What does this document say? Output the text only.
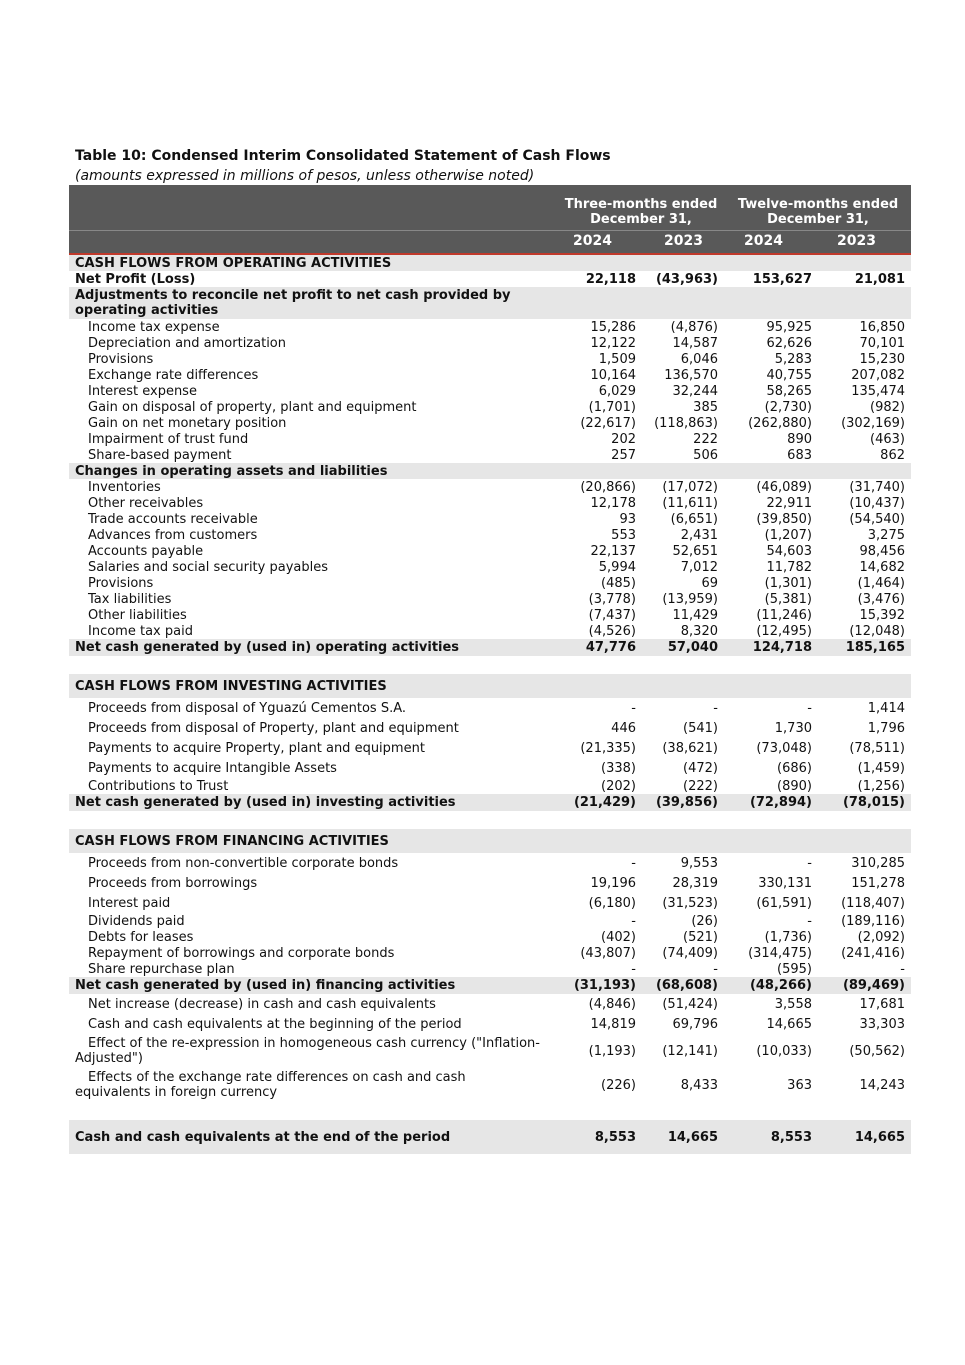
Table 10: Condensed Interim Consolidated Statement of Cash Flows
(amounts expressed in millions of pesos, unless otherwise noted)
Three-months ended
December 31,
Twelve-months ended
December 31,
2024	2023	2024	2023
CASH FLOWS FROM OPERATING ACTIVITIES
Net Profit (Loss)	22,118	(43,963)	153,627	21,081
Adjustments to reconcile net profit to net cash provided by operating activities
Income tax expense	15,286	(4,876)	95,925	16,850
Depreciation and amortization	12,122	14,587	62,626	70,101
Provisions	1,509	6,046	5,283	15,230
Exchange rate differences	10,164	136,570	40,755	207,082
Interest expense	6,029	32,244	58,265	135,474
Gain on disposal of property, plant and equipment	(1,701)	385	(2,730)	(982)
Gain on net monetary position	(22,617)	(118,863)	(262,880)	(302,169)
Impairment of trust fund	202	222	890	(463)
Share-based payment	257	506	683	862
Changes in operating assets and liabilities
Inventories	(20,866)	(17,072)	(46,089)	(31,740)
Other receivables	12,178	(11,611)	22,911	(10,437)
Trade accounts receivable	93	(6,651)	(39,850)	(54,540)
Advances from customers	553	2,431	(1,207)	3,275
Accounts payable	22,137	52,651	54,603	98,456
Salaries and social security payables	5,994	7,012	11,782	14,682
Provisions	(485)	69	(1,301)	(1,464)
Tax liabilities	(3,778)	(13,959)	(5,381)	(3,476)
Other liabilities	(7,437)	11,429	(11,246)	15,392
Income tax paid	(4,526)	8,320	(12,495)	(12,048)
Net cash generated by (used in) operating activities	47,776	57,040	124,718	185,165
CASH FLOWS FROM INVESTING ACTIVITIES
Proceeds from disposal of Yguazú Cementos S.A.	-	-	-	1,414
Proceeds from disposal of Property, plant and equipment	446	(541)	1,730	1,796
Payments to acquire Property, plant and equipment	(21,335)	(38,621)	(73,048)	(78,511)
Payments to acquire Intangible Assets	(338)	(472)	(686)	(1,459)
Contributions to Trust	(202)	(222)	(890)	(1,256)
Net cash generated by (used in) investing activities	(21,429)	(39,856)	(72,894)	(78,015)
CASH FLOWS FROM FINANCING ACTIVITIES
Proceeds from non-convertible corporate bonds	-	9,553	-	310,285
Proceeds from borrowings	19,196	28,319	330,131	151,278
Interest paid	(6,180)	(31,523)	(61,591)	(118,407)
Dividends paid	-	(26)	-	(189,116)
Debts for leases	(402)	(521)	(1,736)	(2,092)
Repayment of borrowings and corporate bonds	(43,807)	(74,409)	(314,475)	(241,416)
Share repurchase plan	-	-	(595)	-
Net cash generated by (used in) financing activities	(31,193)	(68,608)	(48,266)	(89,469)
Net increase (decrease) in cash and cash equivalents	(4,846)	(51,424)	3,558	17,681
Cash and cash equivalents at the beginning of the period	14,819	69,796	14,665	33,303
Effect of the re-expression in homogeneous cash currency ("Inflation-Adjusted")	(1,193)	(12,141)	(10,033)	(50,562)
Effects of the exchange rate differences on cash and cash equivalents in foreign currency	(226)	8,433	363	14,243
Cash and cash equivalents at the end of the period	8,553	14,665	8,553	14,665
